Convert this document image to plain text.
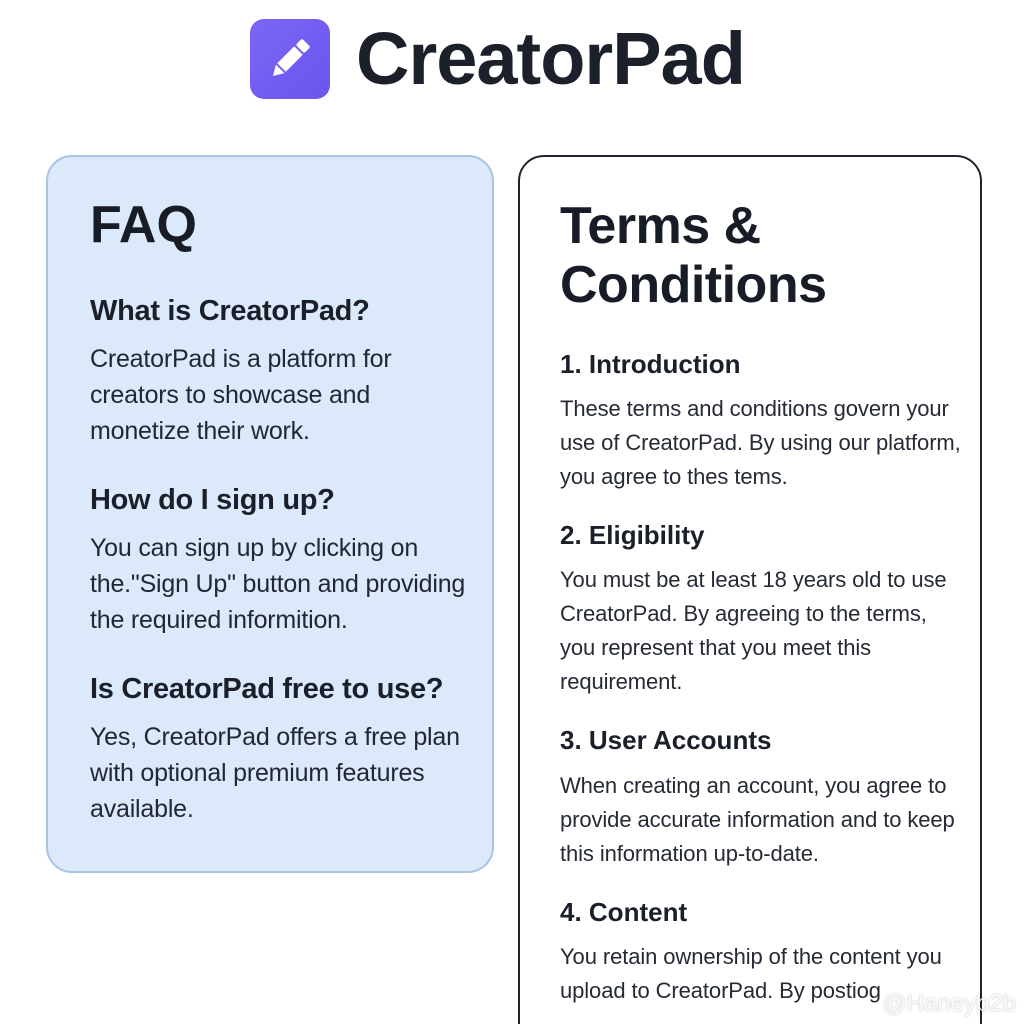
CreatorPad
FAQ
What is CreatorPad?

CreatorPad is a platform for creators to showcase and monetize their work.

How do I sign up?

You can sign up by clicking on the."Sign Up" button and providing the required informition.

Is CreatorPad free to use?

Yes, CreatorPad offers a free plan with optional premium features available.

Terms & Conditions
1. Introduction

These terms and conditions govern your use of CreatorPad. By using our platform, you agree to thes tems.

2. Eligibility

You must be at least 18 years old to use CreatorPad. By agreeing to the terms, you represent that you meet this requirement.

3. User Accounts

When creating an account, you agree to provide accurate information and to keep this information up-to-date.

4. Content

You retain ownership of the content you upload to CreatorPad. By postiog @Haneyb2b
